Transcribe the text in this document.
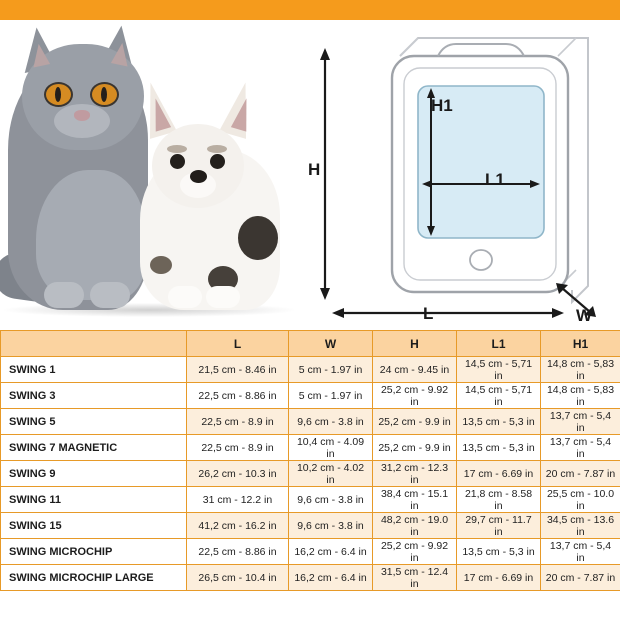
H
L	W
H1
L1
	L	W	H	L1	H1
SWING 1	21,5 cm - 8.46 in	5 cm - 1.97 in	24 cm - 9.45 in	14,5 cm - 5,71 in	14,8 cm - 5,83 in
SWING 3	22,5 cm - 8.86 in	5 cm - 1.97 in	25,2 cm - 9.92 in	14,5 cm - 5,71 in	14,8 cm - 5,83 in
SWING 5	22,5 cm - 8.9 in	9,6 cm - 3.8 in	25,2 cm - 9.9 in	13,5 cm - 5,3 in	13,7 cm - 5,4 in
SWING 7 MAGNETIC	22,5 cm - 8.9 in	10,4 cm - 4.09 in	25,2 cm - 9.9 in	13,5 cm - 5,3 in	13,7 cm - 5,4 in
SWING 9	26,2 cm - 10.3 in	10,2 cm - 4.02 in	31,2 cm - 12.3 in	17 cm - 6.69 in	20 cm - 7.87 in
SWING 11	31 cm - 12.2 in	9,6 cm - 3.8 in	38,4 cm - 15.1 in	21,8 cm - 8.58 in	25,5 cm - 10.0 in
SWING 15	41,2 cm - 16.2 in	9,6 cm - 3.8 in	48,2 cm - 19.0 in	29,7 cm - 11.7 in	34,5 cm - 13.6 in
SWING MICROCHIP	22,5 cm - 8.86 in	16,2 cm - 6.4 in	25,2 cm - 9.92 in	13,5 cm - 5,3 in	13,7 cm - 5,4 in
SWING MICROCHIP LARGE	26,5 cm - 10.4 in	16,2 cm - 6.4 in	31,5 cm - 12.4 in	17 cm - 6.69 in	20 cm - 7.87 in
